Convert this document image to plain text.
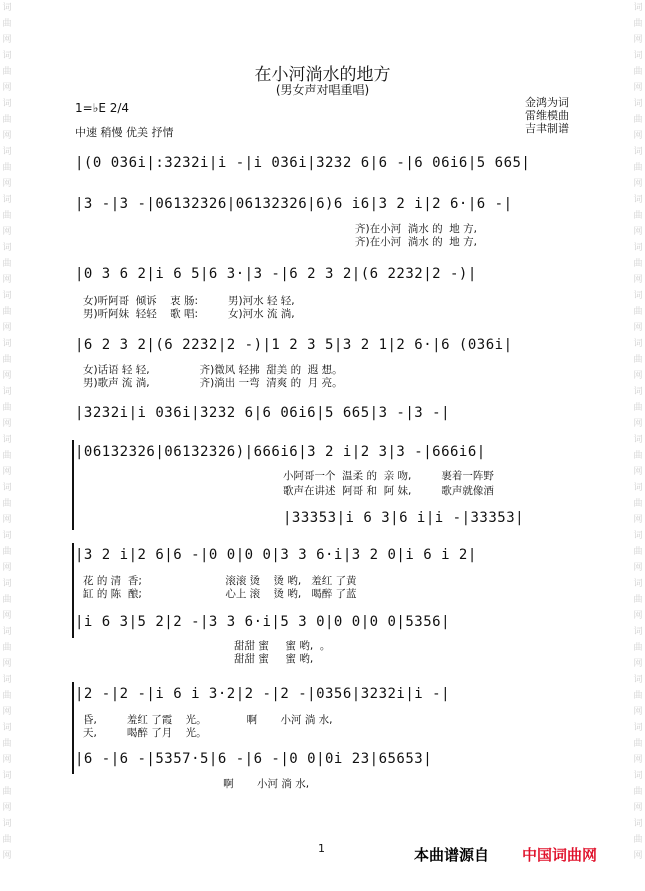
词曲网词曲网词曲网词曲网词曲网词曲网词曲网词曲网词曲网词曲网词曲网词曲网词曲网词曲网词曲网词曲网词曲网词曲网
词曲网词曲网词曲网词曲网词曲网词曲网词曲网词曲网词曲网词曲网词曲网词曲网词曲网词曲网词曲网词曲网词曲网词曲网
在小河淌水的地方
(男女声对唱重唱)
1=♭E 2/4
中速 稍慢 优美 抒情
金鸿为词
雷维模曲
吉聿制谱
|(0 036i|:3232i|i -|i 036i|3232 6|6 -|6 06i6|5 665|
|3 -|3 -|06132326|06132326|6)6 i6|3 2 i|2 6·|6 -|
齐)在小河  淌水 的  地 方,
齐)在小河  淌水 的  地 方,
|0 3 6 2|i 6 5|6 3·|3 -|6 2 3 2|(6 2232|2 -)|
女)听阿哥  倾诉    衷 肠:         男)河水 轻 轻,
男)听阿妹  轻轻    歌 唱:         女)河水 流 淌,
|6 2 3 2|(6 2232|2 -)|1 2 3 5|3 2 1|2 6·|6 (036i|
女)话语 轻 轻,               齐)微风 轻拂  甜美 的  遐 想。
男)歌声 流 淌,               齐)淌出 一弯  清爽 的  月 亮。
|3232i|i 036i|3232 6|6 06i6|5 665|3 -|3 -|
|06132326|06132326)|666i6|3 2 i|2 3|3 -|666i6|
小阿哥一个  温柔 的  亲 吻,         裹着一阵野
歌声在讲述  阿哥 和  阿 妹,         歌声就像酒
|33353|i 6 3|6 i|i -|33353|
|3 2 i|2 6|6 -|0 0|0 0|3 3 6·i|3 2 0|i 6 i 2|
花 的 清  香;                         滚滚 烫    烫 哟,   羞红 了黄
缸 的 陈  酿;                         心上 滚    烫 哟,   喝醉 了蓝
|i 6 3|5 2|2 -|3 3 6·i|5 3 0|0 0|0 0|5356|
甜甜 蜜     蜜 哟,  。
甜甜 蜜     蜜 哟,
|2 -|2 -|i 6 i 3·2|2 -|2 -|0356|3232i|i -|
昏,         羞红 了霞    光。            啊       小河 淌 水,
天,         喝醉 了月    光。
|6 -|6 -|5357·5|6 -|6 -|0 0|0i 23|65653|
啊       小河 淌 水,
1	本曲谱源自 中国词曲网
